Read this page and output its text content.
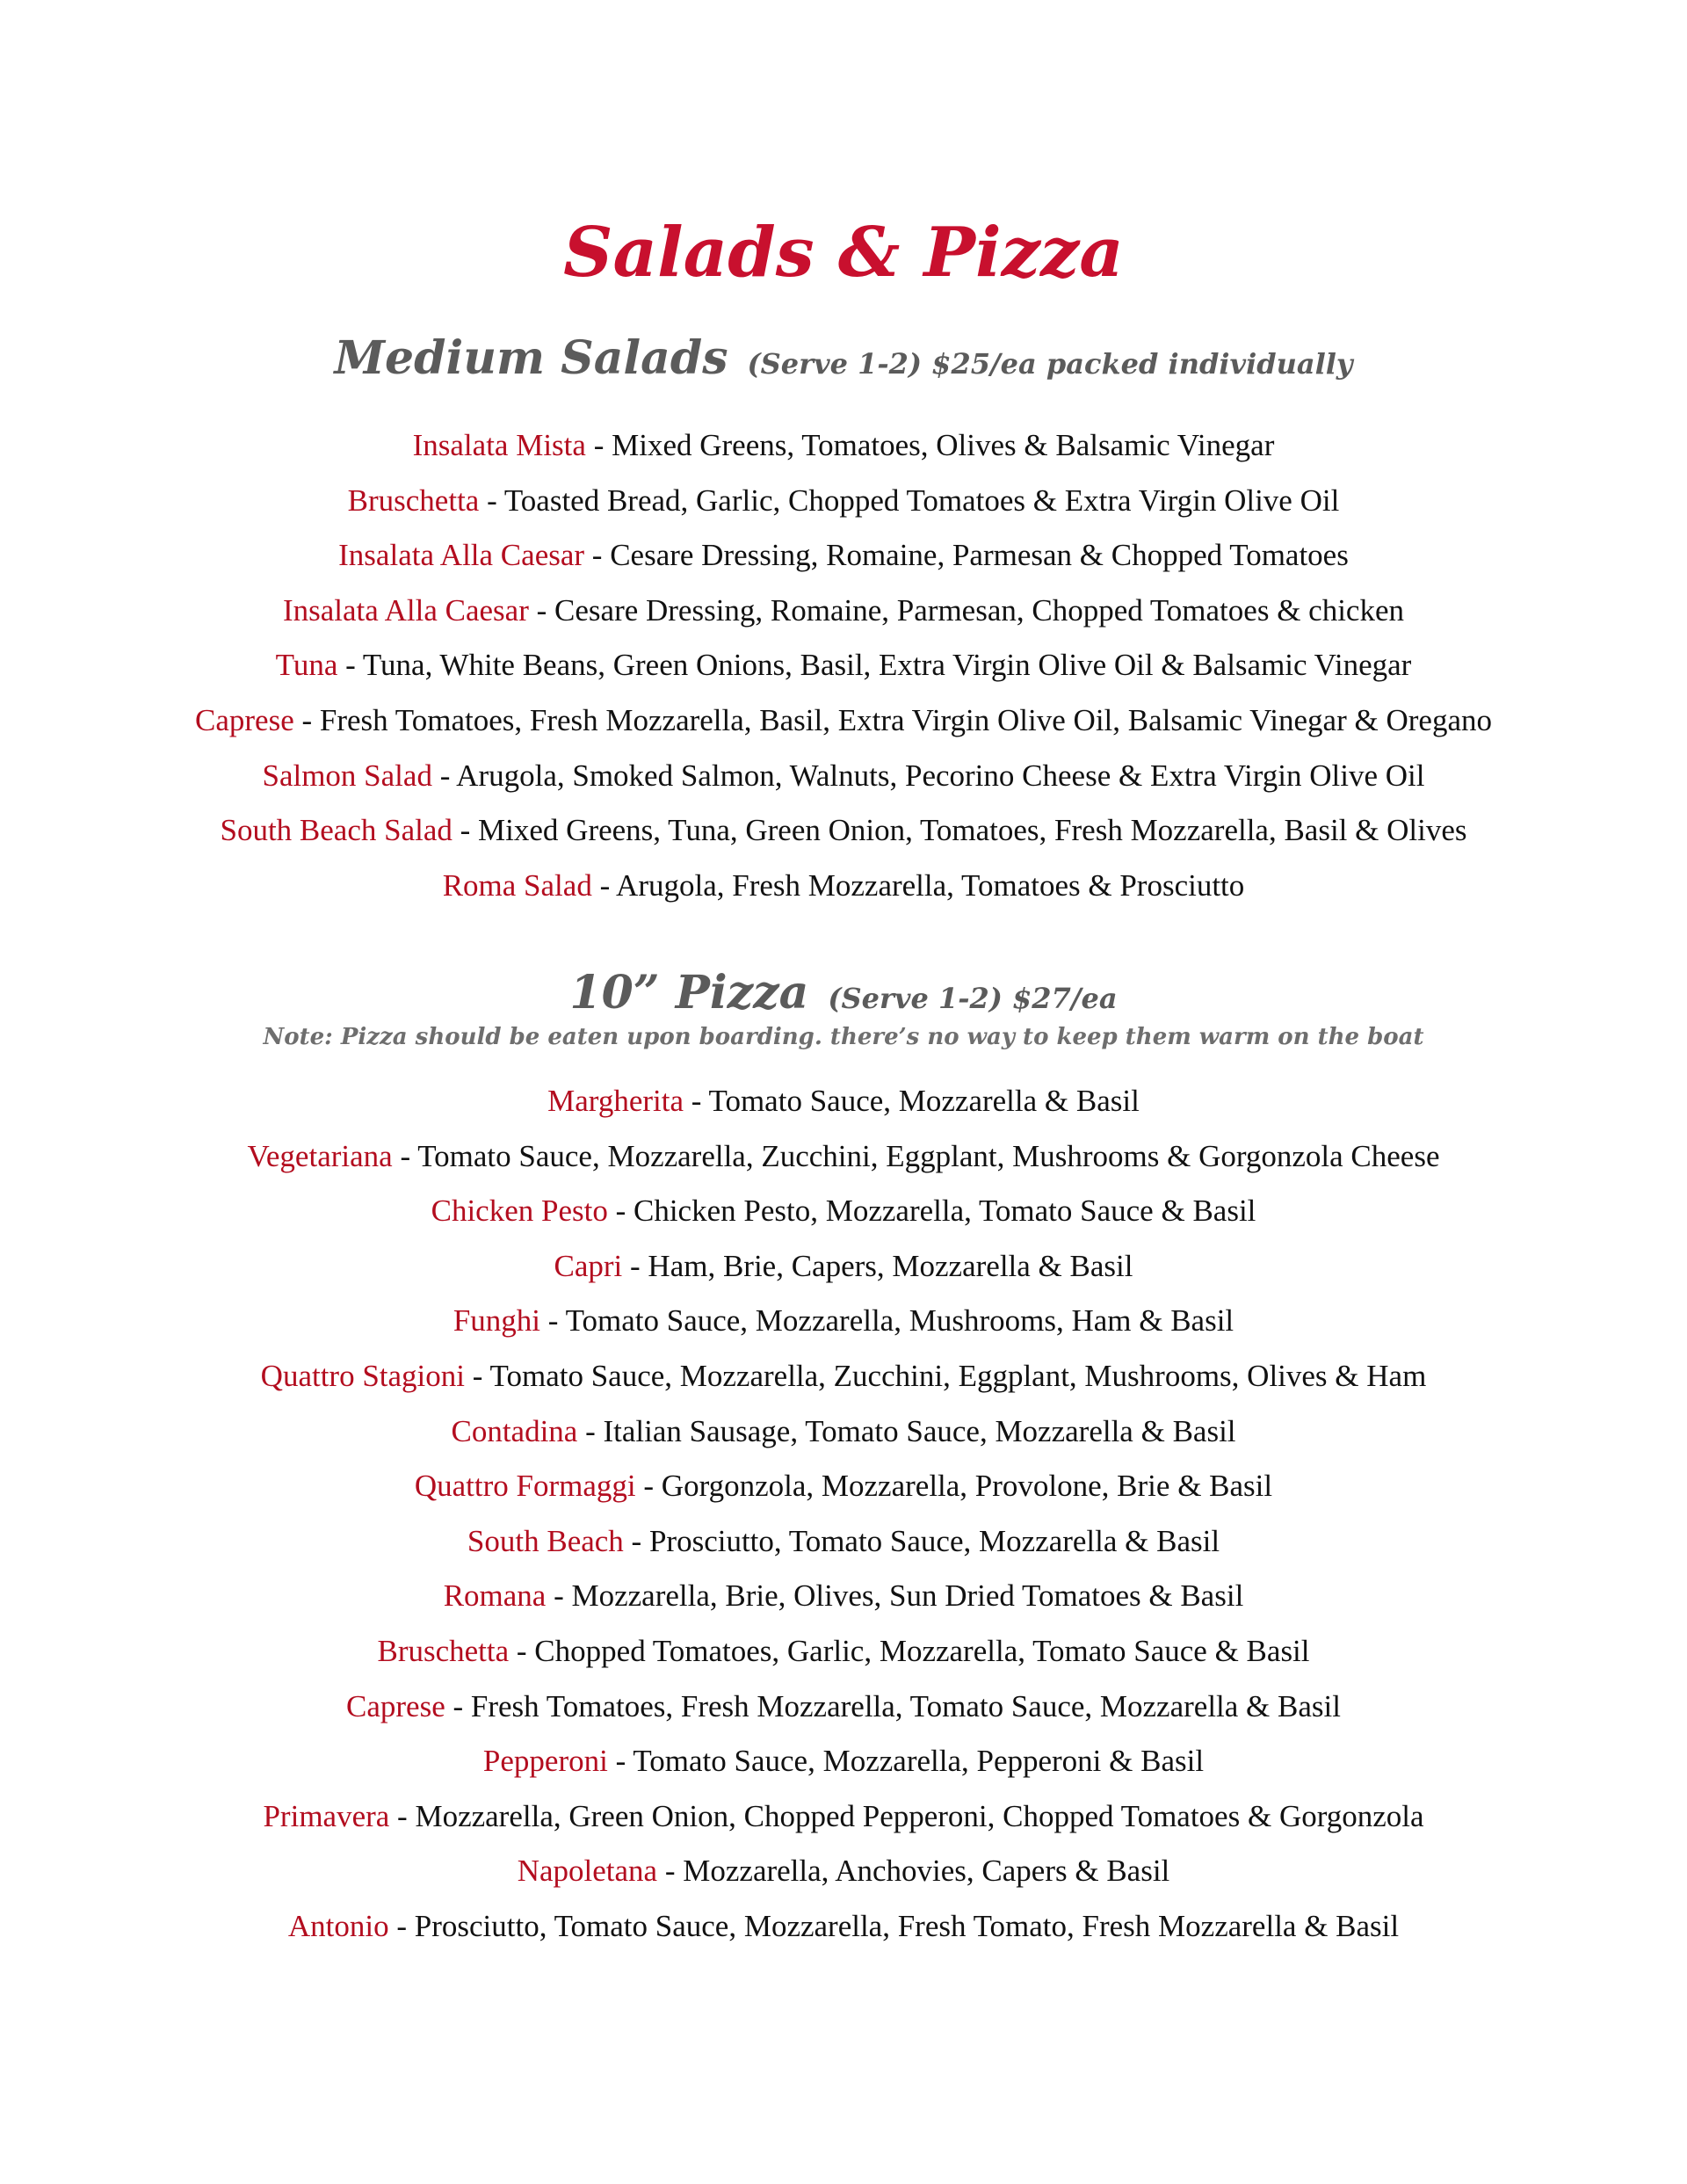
Salads & Pizza
Medium Salads (Serve 1-2) $25/ea packed individually
Insalata Mista - Mixed Greens, Tomatoes, Olives & Balsamic Vinegar
Bruschetta - Toasted Bread, Garlic, Chopped Tomatoes & Extra Virgin Olive Oil
Insalata Alla Caesar - Cesare Dressing, Romaine, Parmesan & Chopped Tomatoes
Insalata Alla Caesar - Cesare Dressing, Romaine, Parmesan, Chopped Tomatoes & chicken
Tuna - Tuna, White Beans, Green Onions, Basil, Extra Virgin Olive Oil & Balsamic Vinegar
Caprese - Fresh Tomatoes, Fresh Mozzarella, Basil, Extra Virgin Olive Oil, Balsamic Vinegar & Oregano
Salmon Salad - Arugola, Smoked Salmon, Walnuts, Pecorino Cheese & Extra Virgin Olive Oil
South Beach Salad - Mixed Greens, Tuna, Green Onion, Tomatoes, Fresh Mozzarella, Basil & Olives
Roma Salad - Arugola, Fresh Mozzarella, Tomatoes & Prosciutto
10” Pizza (Serve 1-2) $27/ea
Note: Pizza should be eaten upon boarding. there’s no way to keep them warm on the boat
Margherita - Tomato Sauce, Mozzarella & Basil
Vegetariana - Tomato Sauce, Mozzarella, Zucchini, Eggplant, Mushrooms & Gorgonzola Cheese
Chicken Pesto - Chicken Pesto, Mozzarella, Tomato Sauce & Basil
Capri - Ham, Brie, Capers, Mozzarella & Basil
Funghi - Tomato Sauce, Mozzarella, Mushrooms, Ham & Basil
Quattro Stagioni - Tomato Sauce, Mozzarella, Zucchini, Eggplant, Mushrooms, Olives & Ham
Contadina - Italian Sausage, Tomato Sauce, Mozzarella & Basil
Quattro Formaggi - Gorgonzola, Mozzarella, Provolone, Brie & Basil
South Beach - Prosciutto, Tomato Sauce, Mozzarella & Basil
Romana - Mozzarella, Brie, Olives, Sun Dried Tomatoes & Basil
Bruschetta - Chopped Tomatoes, Garlic, Mozzarella, Tomato Sauce & Basil
Caprese - Fresh Tomatoes, Fresh Mozzarella, Tomato Sauce, Mozzarella & Basil
Pepperoni - Tomato Sauce, Mozzarella, Pepperoni & Basil
Primavera - Mozzarella, Green Onion, Chopped Pepperoni, Chopped Tomatoes & Gorgonzola
Napoletana - Mozzarella, Anchovies, Capers & Basil
Antonio - Prosciutto, Tomato Sauce, Mozzarella, Fresh Tomato, Fresh Mozzarella & Basil
